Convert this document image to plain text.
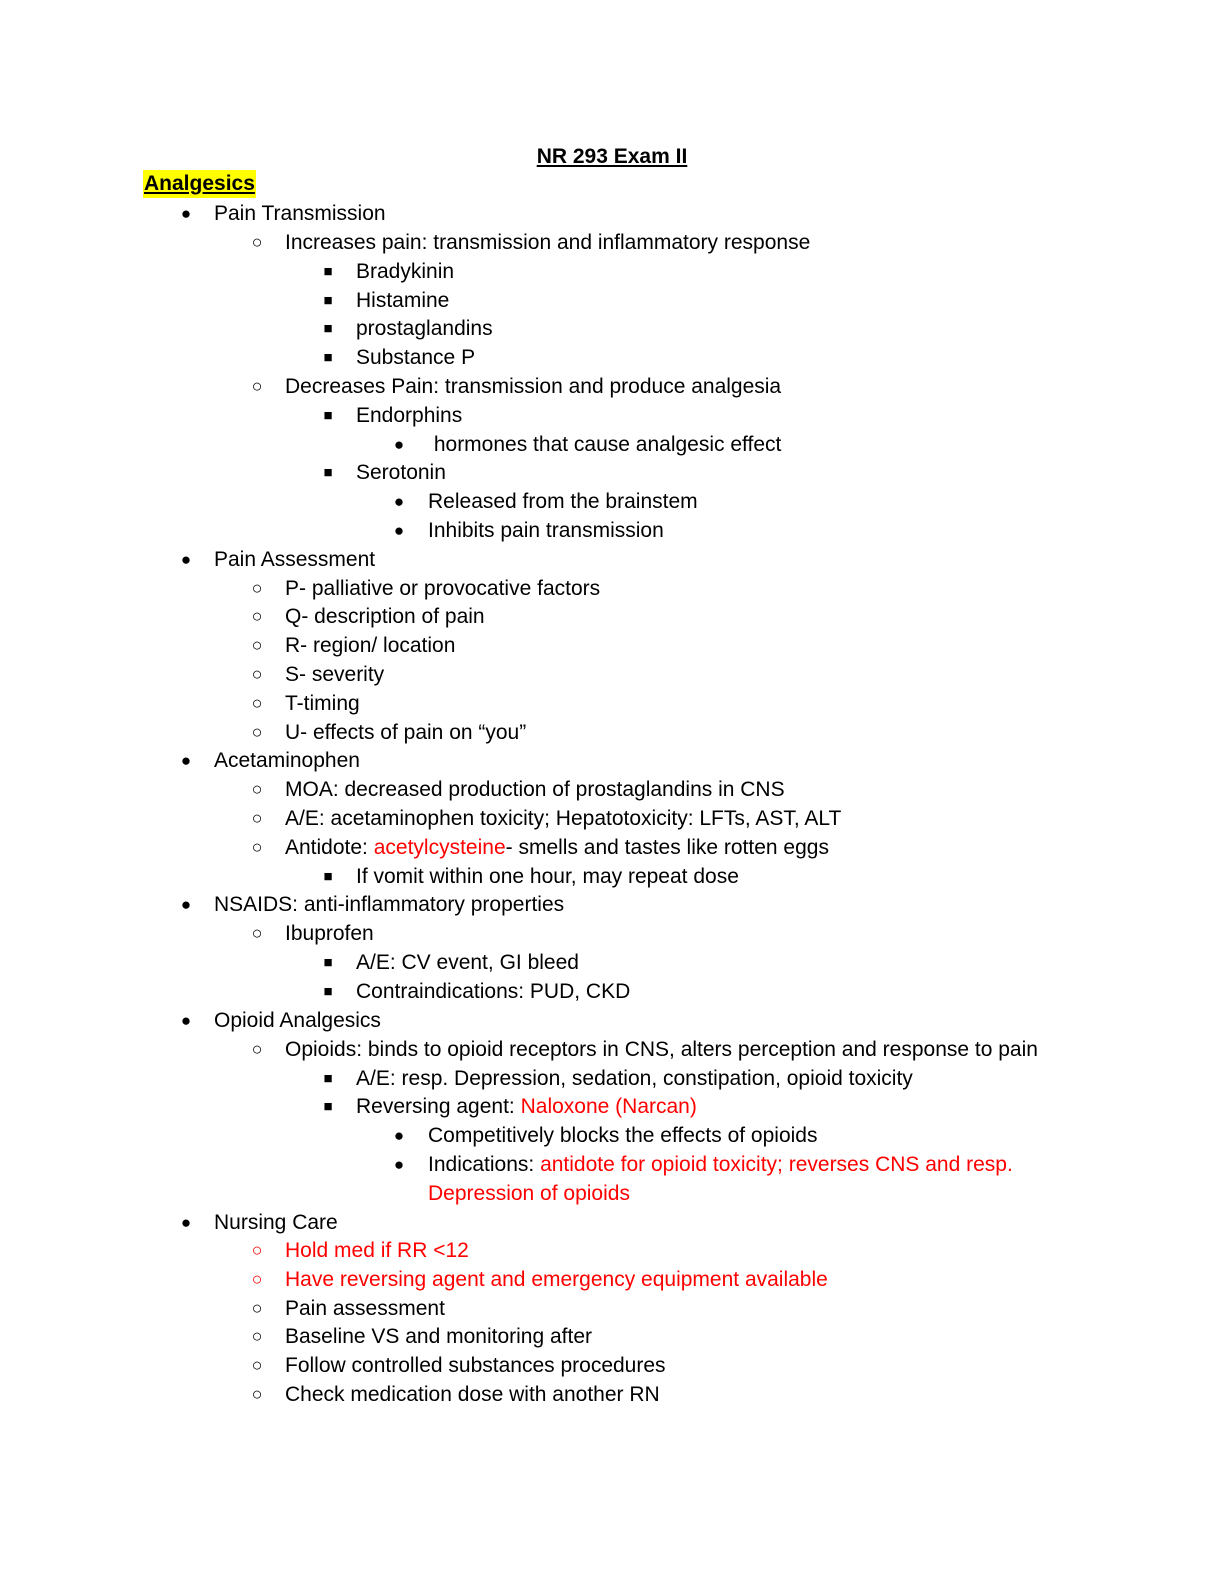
NR 293 Exam II
Analgesics
●	Pain Transmission
○	Increases pain: transmission and inflammatory response
■	Bradykinin
■	Histamine
■	prostaglandins
■	Substance P
○	Decreases Pain: transmission and produce analgesia
■	Endorphins
●	hormones that cause analgesic effect
■	Serotonin
●	Released from the brainstem
●	Inhibits pain transmission
●	Pain Assessment
○	P- palliative or provocative factors
○	Q- description of pain
○	R- region/ location
○	S- severity
○	T-timing
○	U- effects of pain on “you”
●	Acetaminophen
○	MOA: decreased production of prostaglandins in CNS
○	A/E: acetaminophen toxicity; Hepatotoxicity: LFTs, AST, ALT
○	Antidote: acetylcysteine- smells and tastes like rotten eggs
■	If vomit within one hour, may repeat dose
●	NSAIDS: anti-inflammatory properties
○	Ibuprofen
■	A/E: CV event, GI bleed
■	Contraindications: PUD, CKD
●	Opioid Analgesics
○	Opioids: binds to opioid receptors in CNS, alters perception and response to pain
■	A/E: resp. Depression, sedation, constipation, opioid toxicity
■	Reversing agent: Naloxone (Narcan)
●	Competitively blocks the effects of opioids
●	Indications: antidote for opioid toxicity; reverses CNS and resp.
Depression of opioids
●	Nursing Care
○	Hold med if RR <12
○	Have reversing agent and emergency equipment available
○	Pain assessment
○	Baseline VS and monitoring after
○	Follow controlled substances procedures
○	Check medication dose with another RN
